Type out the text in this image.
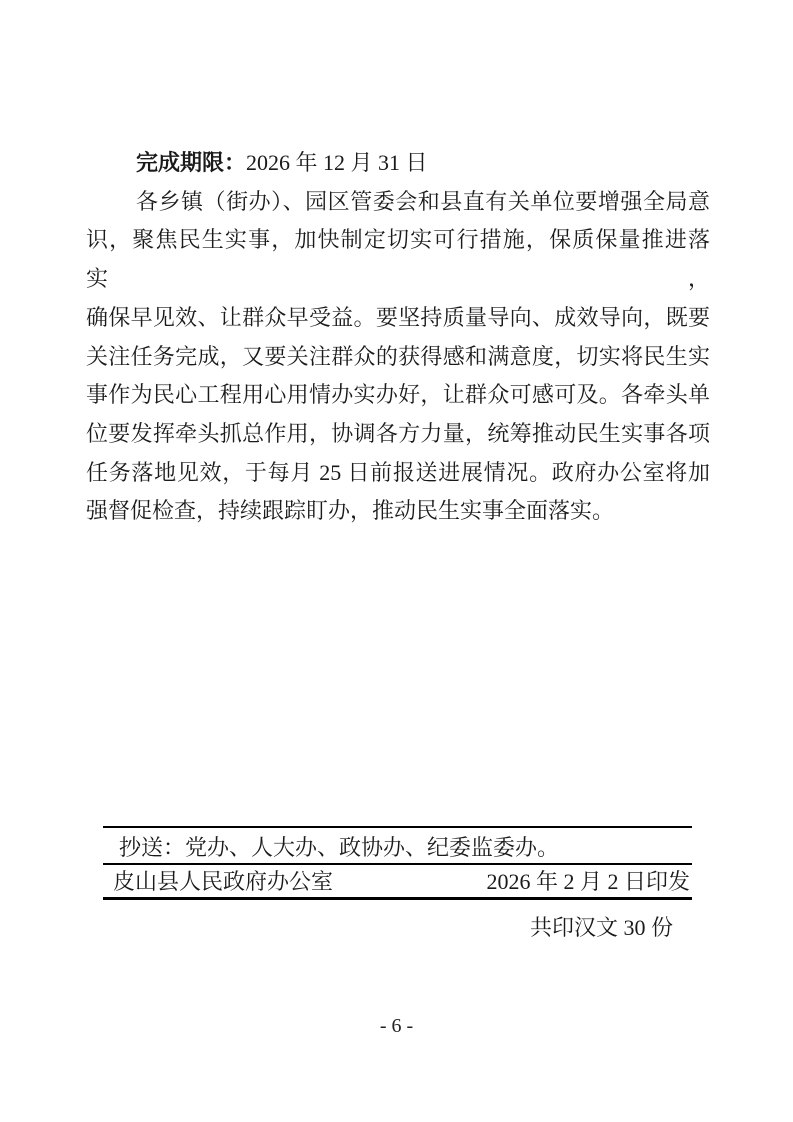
完成期限：2026 年 12 月 31 日
各乡镇（街办）、园区管委会和县直有关单位要增强全局意
识，聚焦民生实事，加快制定切实可行措施，保质保量推进落实，
确保早见效、让群众早受益。要坚持质量导向、成效导向，既要
关注任务完成，又要关注群众的获得感和满意度，切实将民生实
事作为民心工程用心用情办实办好，让群众可感可及。各牵头单
位要发挥牵头抓总作用，协调各方力量，统筹推动民生实事各项
任务落地见效，于每月 25 日前报送进展情况。政府办公室将加
强督促检查，持续跟踪盯办，推动民生实事全面落实。
抄送：党办、人大办、政协办、纪委监委办。
皮山县人民政府办公室	2026 年 2 月 2 日印发
共印汉文 30 份
- 6 -
